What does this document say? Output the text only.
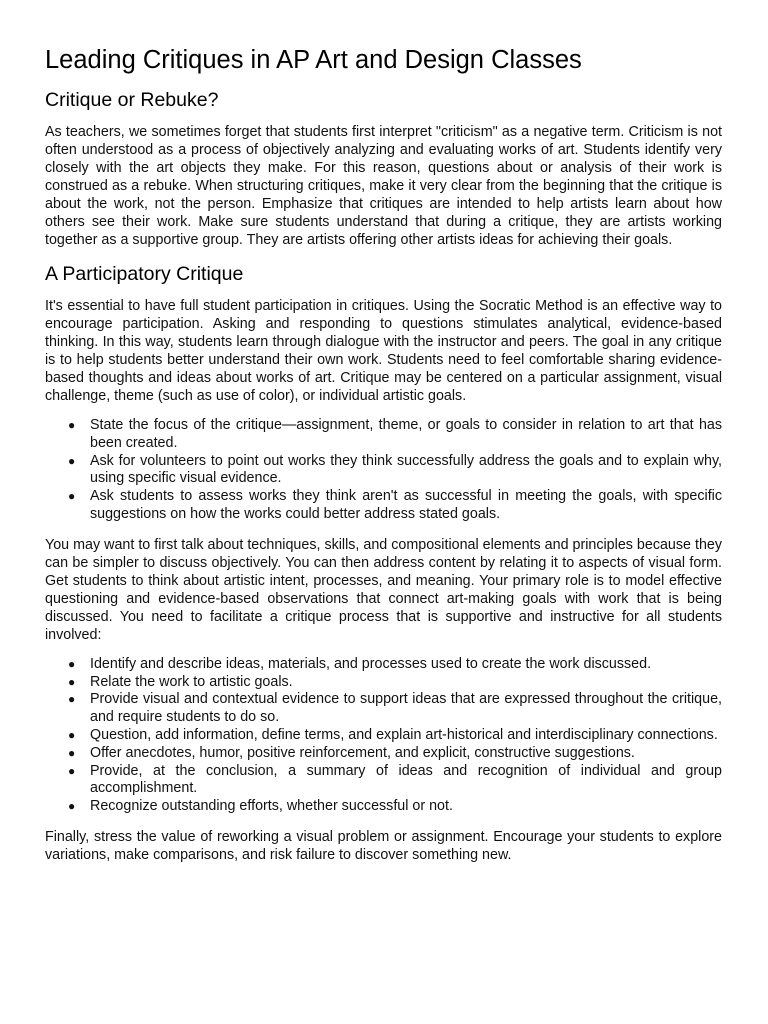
Leading Critiques in AP Art and Design Classes
Critique or Rebuke?

As teachers, we sometimes forget that students first interpret "criticism" as a negative term. Criticism is not often understood as a process of objectively analyzing and evaluating works of art. Students identify very closely with the art objects they make. For this reason, questions about or analysis of their work is construed as a rebuke. When structuring critiques, make it very clear from the beginning that the critique is about the work, not the person. Emphasize that critiques are intended to help artists learn about how others see their work. Make sure students understand that during a critique, they are artists working together as a supportive group. They are artists offering other artists ideas for achieving their goals.

A Participatory Critique

It's essential to have full student participation in critiques. Using the Socratic Method is an effective way to encourage participation. Asking and responding to questions stimulates analytical, evidence-based thinking. In this way, students learn through dialogue with the instructor and peers. The goal in any critique is to help students better understand their own work. Students need to feel comfortable sharing evidence-based thoughts and ideas about works of art. Critique may be centered on a particular assignment, visual challenge, theme (such as use of color), or individual artistic goals.

● State the focus of the critique—assignment, theme, or goals to consider in relation to art that has been created.
● Ask for volunteers to point out works they think successfully address the goals and to explain why, using specific visual evidence.
● Ask students to assess works they think aren't as successful in meeting the goals, with specific suggestions on how the works could better address stated goals.

You may want to first talk about techniques, skills, and compositional elements and principles because they can be simpler to discuss objectively. You can then address content by relating it to aspects of visual form. Get students to think about artistic intent, processes, and meaning. Your primary role is to model effective questioning and evidence-based observations that connect art-making goals with work that is being discussed. You need to facilitate a critique process that is supportive and instructive for all students involved:

● Identify and describe ideas, materials, and processes used to create the work discussed.
● Relate the work to artistic goals.
● Provide visual and contextual evidence to support ideas that are expressed throughout the critique, and require students to do so.
● Question, add information, define terms, and explain art-historical and interdisciplinary connections.
● Offer anecdotes, humor, positive reinforcement, and explicit, constructive suggestions.
● Provide, at the conclusion, a summary of ideas and recognition of individual and group accomplishment.
● Recognize outstanding efforts, whether successful or not.

Finally, stress the value of reworking a visual problem or assignment. Encourage your students to explore variations, make comparisons, and risk failure to discover something new.
